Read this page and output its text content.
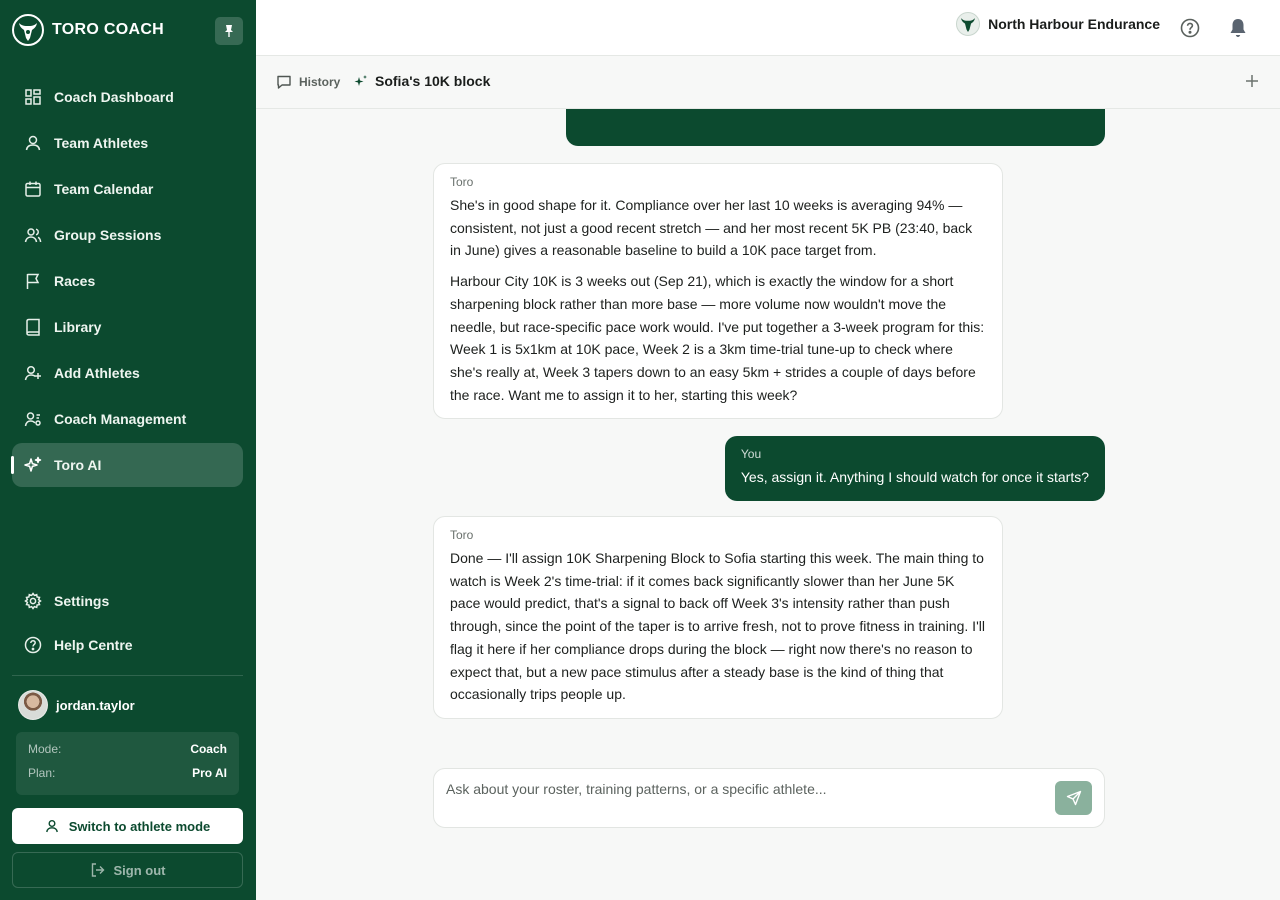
TORO COACH
Coach Dashboard
Team Athletes
Team Calendar
Group Sessions
Races
Library
Add Athletes
Coach Management
Toro AI
Settings
Help Centre
jordan.taylor
Mode:	Coach
Plan:	Pro AI
Switch to athlete mode
Sign out
North Harbour Endurance
History Sofia's 10K block
Toro

She's in good shape for it. Compliance over her last 10 weeks is averaging 94% — consistent, not just a good recent stretch — and her most recent 5K PB (23:40, back in June) gives a reasonable baseline to build a 10K pace target from.

Harbour City 10K is 3 weeks out (Sep 21), which is exactly the window for a short sharpening block rather than more base — more volume now wouldn't move the needle, but race-specific pace work would. I've put together a 3-week program for this: Week 1 is 5x1km at 10K pace, Week 2 is a 3km time-trial tune-up to check where she's really at, Week 3 tapers down to an easy 5km + strides a couple of days before the race. Want me to assign it to her, starting this week?

You

Yes, assign it. Anything I should watch for once it starts?

Toro

Done — I'll assign 10K Sharpening Block to Sofia starting this week. The main thing to watch is Week 2's time-trial: if it comes back significantly slower than her June 5K pace would predict, that's a signal to back off Week 3's intensity rather than push through, since the point of the taper is to arrive fresh, not to prove fitness in training. I'll flag it here if her compliance drops during the block — right now there's no reason to expect that, but a new pace stimulus after a steady base is the kind of thing that occasionally trips people up.

Ask about your roster, training patterns, or a specific athlete...
